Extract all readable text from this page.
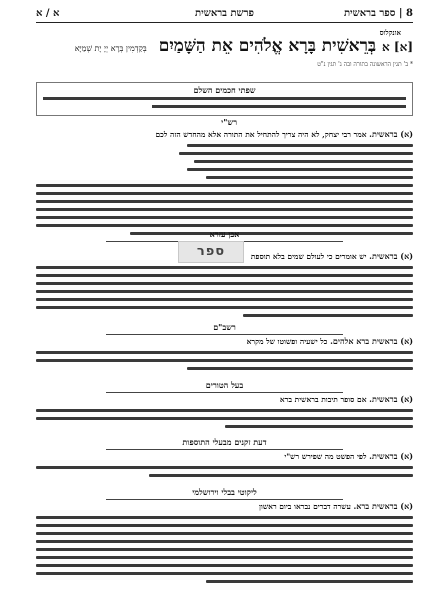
8 | ספר בראשית
פרשת בראשית
א / א
אונקלוס
[א] א בְּרֵאשִׁית בָּרָא אֱלֹהִים אֵת הַשָּׁמַיִם בְּקַדְמִין בְּרָא יְיָ יָת שְׁמַיָּא
* ב' תגין הראשונה בתורה ובה ג' תגין נ"ט
שפתי חכמים השלם
רש"י
(א) בראשית. אמר רבי יצחק, לא היה צריך להתחיל את התורה אלא מהחדש הזה לכם
אבן עזרא
(א) בראשית. יש אומרים כי לעולם שמים בלא תוספת
רשב"ם
(א) בראשית ברא אלהים. כל ישעיה ופשוטו של מקרא
בעל הטורים
(א) בראשית. אם סופר תיבות בראשית ברא
דעת זקנים מבעלי התוספות
(א) בראשית. לפי הפשט מה שפירש רש"י
ליקוטי בבלי וירושלמי
(א) בראשית ברא. עשרה דברים נבראו ביום ראשון
ספר
